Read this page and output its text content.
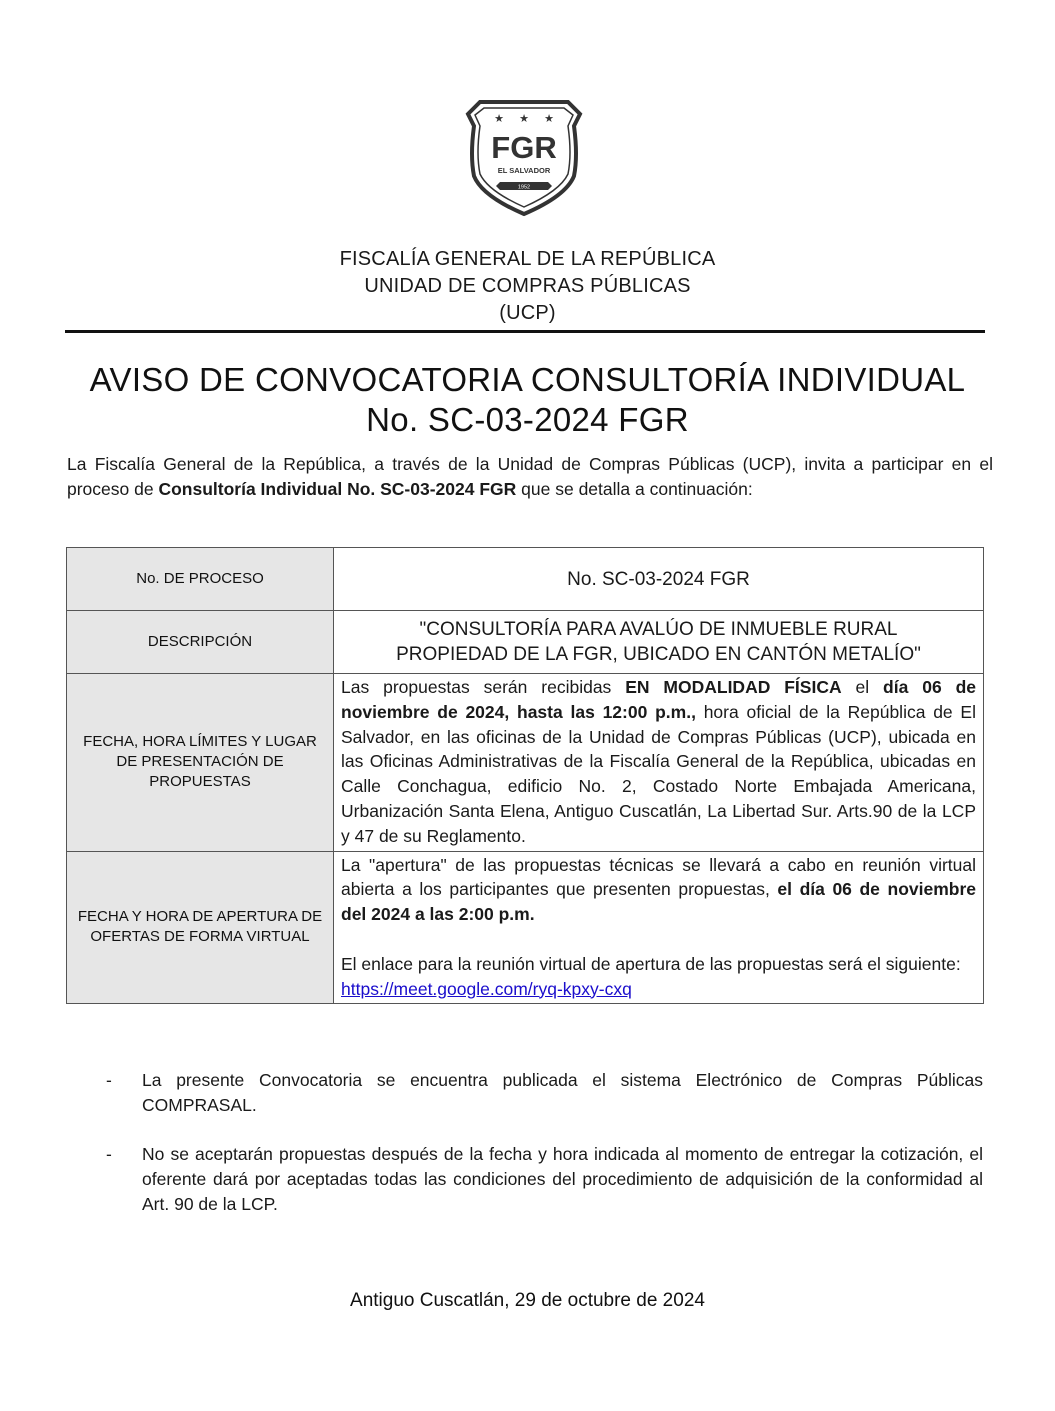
★ ★ ★
FGR
EL SALVADOR
1952
FISCALÍA GENERAL DE LA REPÚBLICA
UNIDAD DE COMPRAS PÚBLICAS
(UCP)
AVISO DE CONVOCATORIA CONSULTORÍA INDIVIDUAL
No. SC-03-2024 FGR
La Fiscalía General de la República, a través de la Unidad de Compras Públicas (UCP), invita a participar en el proceso de Consultoría Individual No. SC-03-2024 FGR que se detalla a continuación:
No. DE PROCESO	No. SC-03-2024 FGR
DESCRIPCIÓN	"CONSULTORÍA PARA AVALÚO DE INMUEBLE RURAL
PROPIEDAD DE LA FGR, UBICADO EN CANTÓN METALÍO"

FECHA, HORA LÍMITES Y LUGAR DE PRESENTACIÓN DE PROPUESTAS	Las propuestas serán recibidas EN MODALIDAD FÍSICA el día 06 de noviembre de 2024, hasta las 12:00 p.m., hora oficial de la República de El Salvador, en las oficinas de la Unidad de Compras Públicas (UCP), ubicada en las Oficinas Administrativas de la Fiscalía General de la República, ubicadas en Calle Conchagua, edificio No. 2, Costado Norte Embajada Americana, Urbanización Santa Elena, Antiguo Cuscatlán, La Libertad Sur. Arts.90 de la LCP y 47 de su Reglamento.
FECHA Y HORA DE APERTURA DE OFERTAS DE FORMA VIRTUAL	La "apertura" de las propuestas técnicas se llevará a cabo en reunión virtual abierta a los participantes que presenten propuestas, el día 06 de noviembre del 2024 a las 2:00 p.m.
El enlace para la reunión virtual de apertura de las propuestas será el siguiente:
https://meet.google.com/ryq-kpxy-cxq
-	La presente Convocatoria se encuentra publicada el sistema Electrónico de Compras Públicas COMPRASAL.
-	No se aceptarán propuestas después de la fecha y hora indicada al momento de entregar la cotización, el oferente dará por aceptadas todas las condiciones del procedimiento de adquisición de la conformidad al Art. 90 de la LCP.
Antiguo Cuscatlán, 29 de octubre de 2024
